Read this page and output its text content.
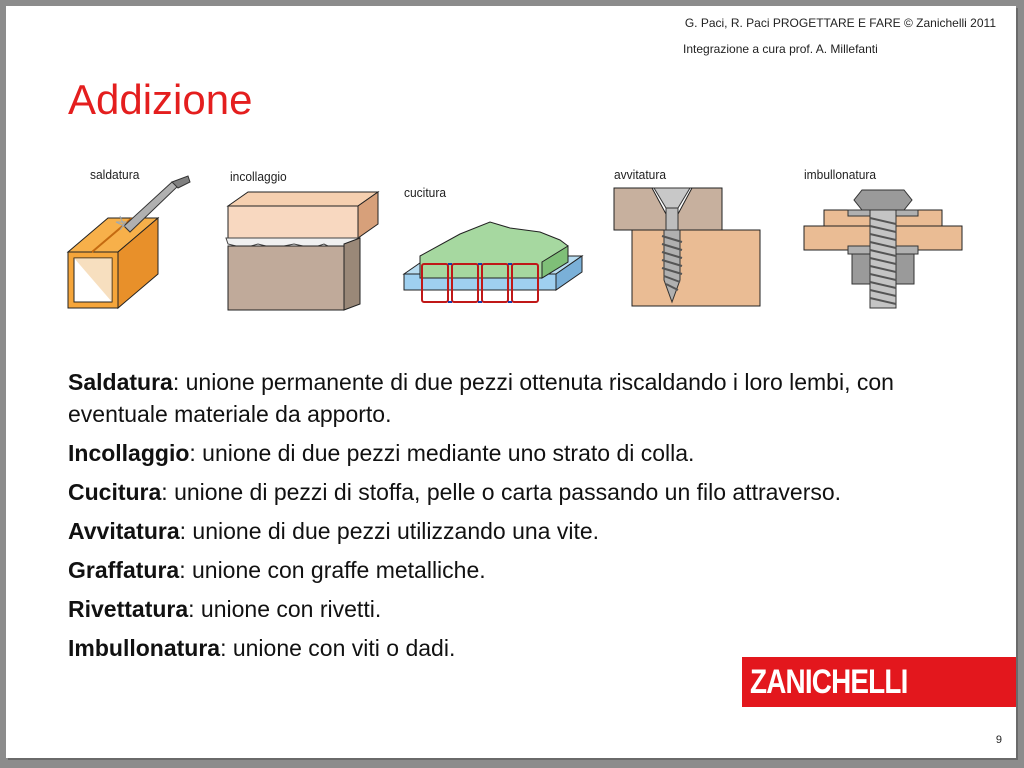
G. Paci, R. Paci PROGETTARE E FARE © Zanichelli 2011
Integrazione a cura prof. A. Millefanti
Addizione
saldatura	incollaggio
cucitura
avvitatura	imbullonatura

Saldatura: unione permanente di due pezzi ottenuta riscaldando i loro lembi, con eventuale materiale da apporto.

Incollaggio: unione di due pezzi mediante uno strato di colla.

Cucitura: unione di pezzi di stoffa, pelle o carta passando un filo attraverso.

Avvitatura: unione di due pezzi utilizzando una vite.

Graffatura: unione con graffe metalliche.

Rivettatura: unione con rivetti.

Imbullonatura: unione con viti o dadi.

ZANICHELLI
9
